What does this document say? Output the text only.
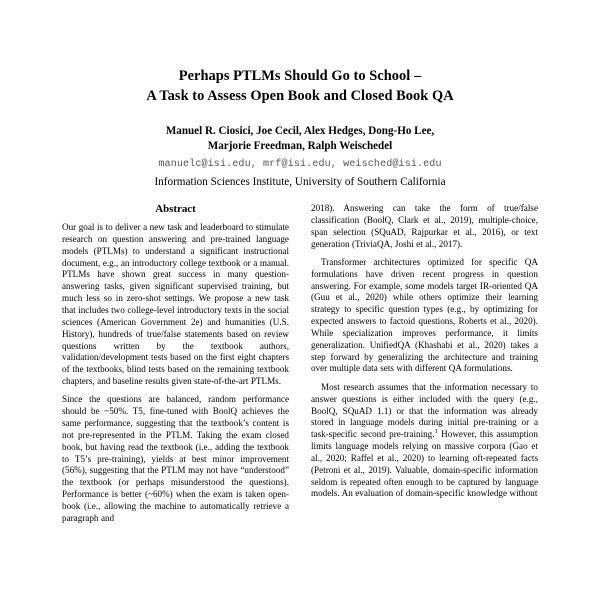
Perhaps PTLMs Should Go to School –
A Task to Assess Open Book and Closed Book QA
Manuel R. Ciosici, Joe Cecil, Alex Hedges, Dong-Ho Lee,
Marjorie Freedman, Ralph Weischedel
manuelc@isi.edu, mrf@isi.edu, weisched@isi.edu
Information Sciences Institute, University of Southern California
Abstract

Our goal is to deliver a new task and leaderboard to stimulate research on question answering and pre-trained language models (PTLMs) to understand a significant instructional document, e.g., an introductory college textbook or a manual. PTLMs have shown great success in many question-answering tasks, given significant supervised training, but much less so in zero-shot settings. We propose a new task that includes two college-level introductory texts in the social sciences (American Government 2e) and humanities (U.S. History), hundreds of true/false statements based on review questions written by the textbook authors, validation/development tests based on the first eight chapters of the textbooks, blind tests based on the remaining textbook chapters, and baseline results given state-of-the-art PTLMs.

Since the questions are balanced, random performance should be ~50%. T5, fine-tuned with BoolQ achieves the same performance, suggesting that the textbook’s content is not pre-represented in the PTLM. Taking the exam closed book, but having read the textbook (i.e., adding the textbook to T5’s pre-training), yields at best minor improvement (56%), suggesting that the PTLM may not have “understood” the textbook (or perhaps misunderstood the questions). Performance is better (~60%) when the exam is taken open-book (i.e., allowing the machine to automatically retrieve a paragraph and

2018). Answering can take the form of true/false classification (BoolQ, Clark et al., 2019), multiple-choice, span selection (SQuAD, Rajpurkar et al., 2016), or text generation (TriviaQA, Joshi et al., 2017).

Transformer architectures optimized for specific QA formulations have driven recent progress in question answering. For example, some models target IR-oriented QA (Guu et al., 2020) while others optimize their learning strategy to specific question types (e.g., by optimizing for expected answers to factoid questions, Roberts et al., 2020). While specialization improves performance, it limits generalization. UnifiedQA (Khashabi et al., 2020) takes a step forward by generalizing the architecture and training over multiple data sets with different QA formulations.

Most research assumes that the information necessary to answer questions is either included with the query (e.g., BoolQ, SQuAD 1.1) or that the information was already stored in language models during initial pre-training or a task-specific second pre-training.$^1$ However, this assumption limits language models relying on massive corpora (Gao et al., 2020; Raffel et al., 2020) to learning oft-repeated facts (Petroni et al., 2019). Valuable, domain-specific information seldom is repeated often enough to be captured by language models. An evaluation of domain-specific knowledge without
